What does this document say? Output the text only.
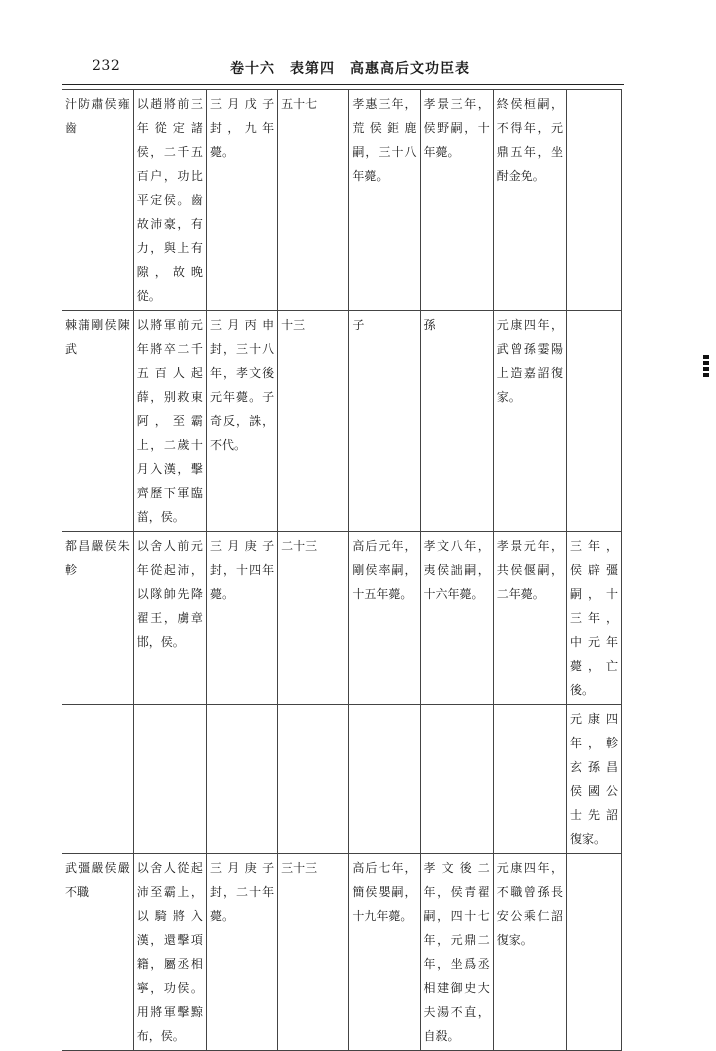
232	卷十六　表第四　高惠高后文功臣表
汁防肅侯雍齒	以趙將前三年從定諸侯，二千五百户，功比平定侯。齒故沛豪，有力，與上有隙，故晚從。	三月戊子封，九年薨。	五十七	孝惠三年，荒侯鉅鹿嗣，三十八年薨。	孝景三年，侯野嗣，十年薨。	終侯桓嗣，不得年，元鼎五年，坐酎金免。	

棘蒲剛侯陳武	以將軍前元年將卒二千五百人起薛，别救東阿，至霸上，二歲十月入漢，擊齊歷下軍臨菑，侯。	三月丙申封，三十八年，孝文後元年薨。子奇反，誅，不代。	十三	子	孫	元康四年，武曾孫霎陽上造嘉詔復家。	

都昌嚴侯朱軫	以舍人前元年從起沛，以隊帥先降翟王，虜章邯，侯。	三月庚子封，十四年薨。	二十三	高后元年，剛侯率嗣，十五年薨。	孝文八年，夷侯詘嗣，十六年薨。	孝景元年，共侯偃嗣，二年薨。	三年，侯辟彊嗣，十三年，中元年薨，亡後。

							元康四年，軫玄孫昌侯國公士先詔復家。

武彊嚴侯嚴不職	以舍人從起沛至霸上，以騎將入漢，還擊項籍，屬丞相寧，功侯。用將軍擊黥布，侯。	三月庚子封，二十年薨。	三十三	高后七年，簡侯嬰嗣，十九年薨。	孝文後二年，侯青翟嗣，四十七年，元鼎二年，坐爲丞相建御史大夫湯不直，自殺。	元康四年，不職曾孫長安公乘仁詔復家。	
